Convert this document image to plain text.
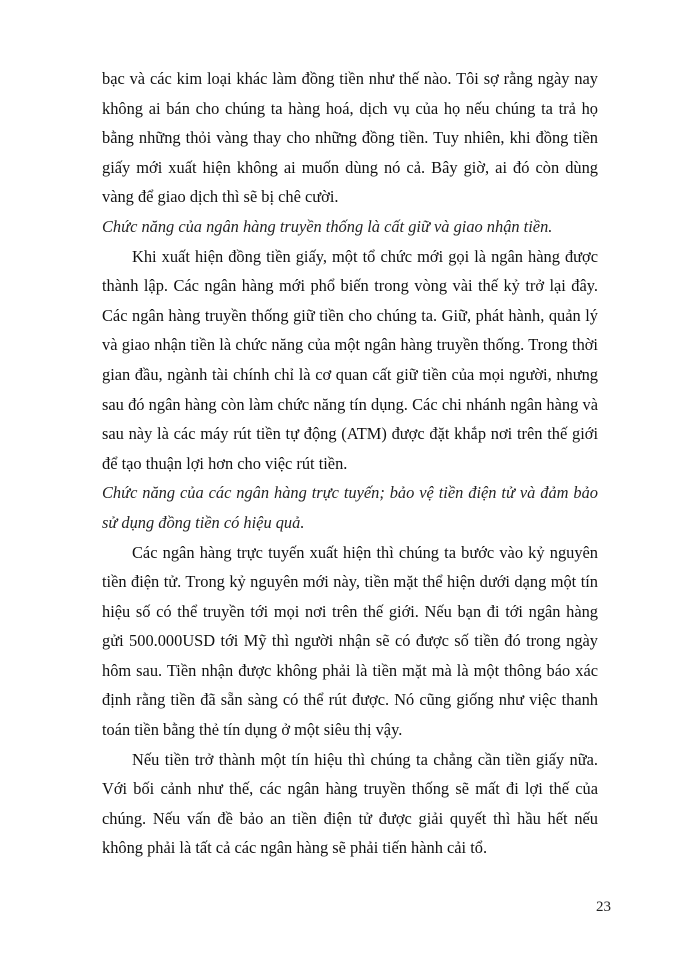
bạc và các kim loại khác làm đồng tiền như thế nào. Tôi sợ rằng ngày nay không ai bán cho chúng ta hàng hoá, dịch vụ của họ nếu chúng ta trả họ bằng những thỏi vàng thay cho những đồng tiền. Tuy nhiên, khi đồng tiền giấy mới xuất hiện không ai muốn dùng nó cả. Bây giờ, ai đó còn dùng vàng để giao dịch thì sẽ bị chê cười.

Chức năng của ngân hàng truyền thống là cất giữ và giao nhận tiền.

Khi xuất hiện đồng tiền giấy, một tổ chức mới gọi là ngân hàng được thành lập. Các ngân hàng mới phổ biến trong vòng vài thế kỷ trở lại đây. Các ngân hàng truyền thống giữ tiền cho chúng ta. Giữ, phát hành, quản lý và giao nhận tiền là chức năng của một ngân hàng truyền thống. Trong thời gian đầu, ngành tài chính chỉ là cơ quan cất giữ tiền của mọi người, nhưng sau đó ngân hàng còn làm chức năng tín dụng. Các chi nhánh ngân hàng và sau này là các máy rút tiền tự động (ATM) được đặt khắp nơi trên thế giới để tạo thuận lợi hơn cho việc rút tiền.

Chức năng của các ngân hàng trực tuyến; bảo vệ tiền điện tử và đảm bảo sử dụng đồng tiền có hiệu quả.

Các ngân hàng trực tuyến xuất hiện thì chúng ta bước vào kỷ nguyên tiền điện tử. Trong kỷ nguyên mới này, tiền mặt thể hiện dưới dạng một tín hiệu số có thể truyền tới mọi nơi trên thế giới. Nếu bạn đi tới ngân hàng gửi 500.000USD tới Mỹ thì người nhận sẽ có được số tiền đó trong ngày hôm sau. Tiền nhận được không phải là tiền mặt mà là một thông báo xác định rằng tiền đã sẵn sàng có thể rút được. Nó cũng giống như việc thanh toán tiền bằng thẻ tín dụng ở một siêu thị vậy.

Nếu tiền trở thành một tín hiệu thì chúng ta chẳng cần tiền giấy nữa. Với bối cảnh như thế, các ngân hàng truyền thống sẽ mất đi lợi thế của chúng. Nếu vấn đề bảo an tiền điện tử được giải quyết thì hầu hết nếu không phải là tất cả các ngân hàng sẽ phải tiến hành cải tổ.

23
